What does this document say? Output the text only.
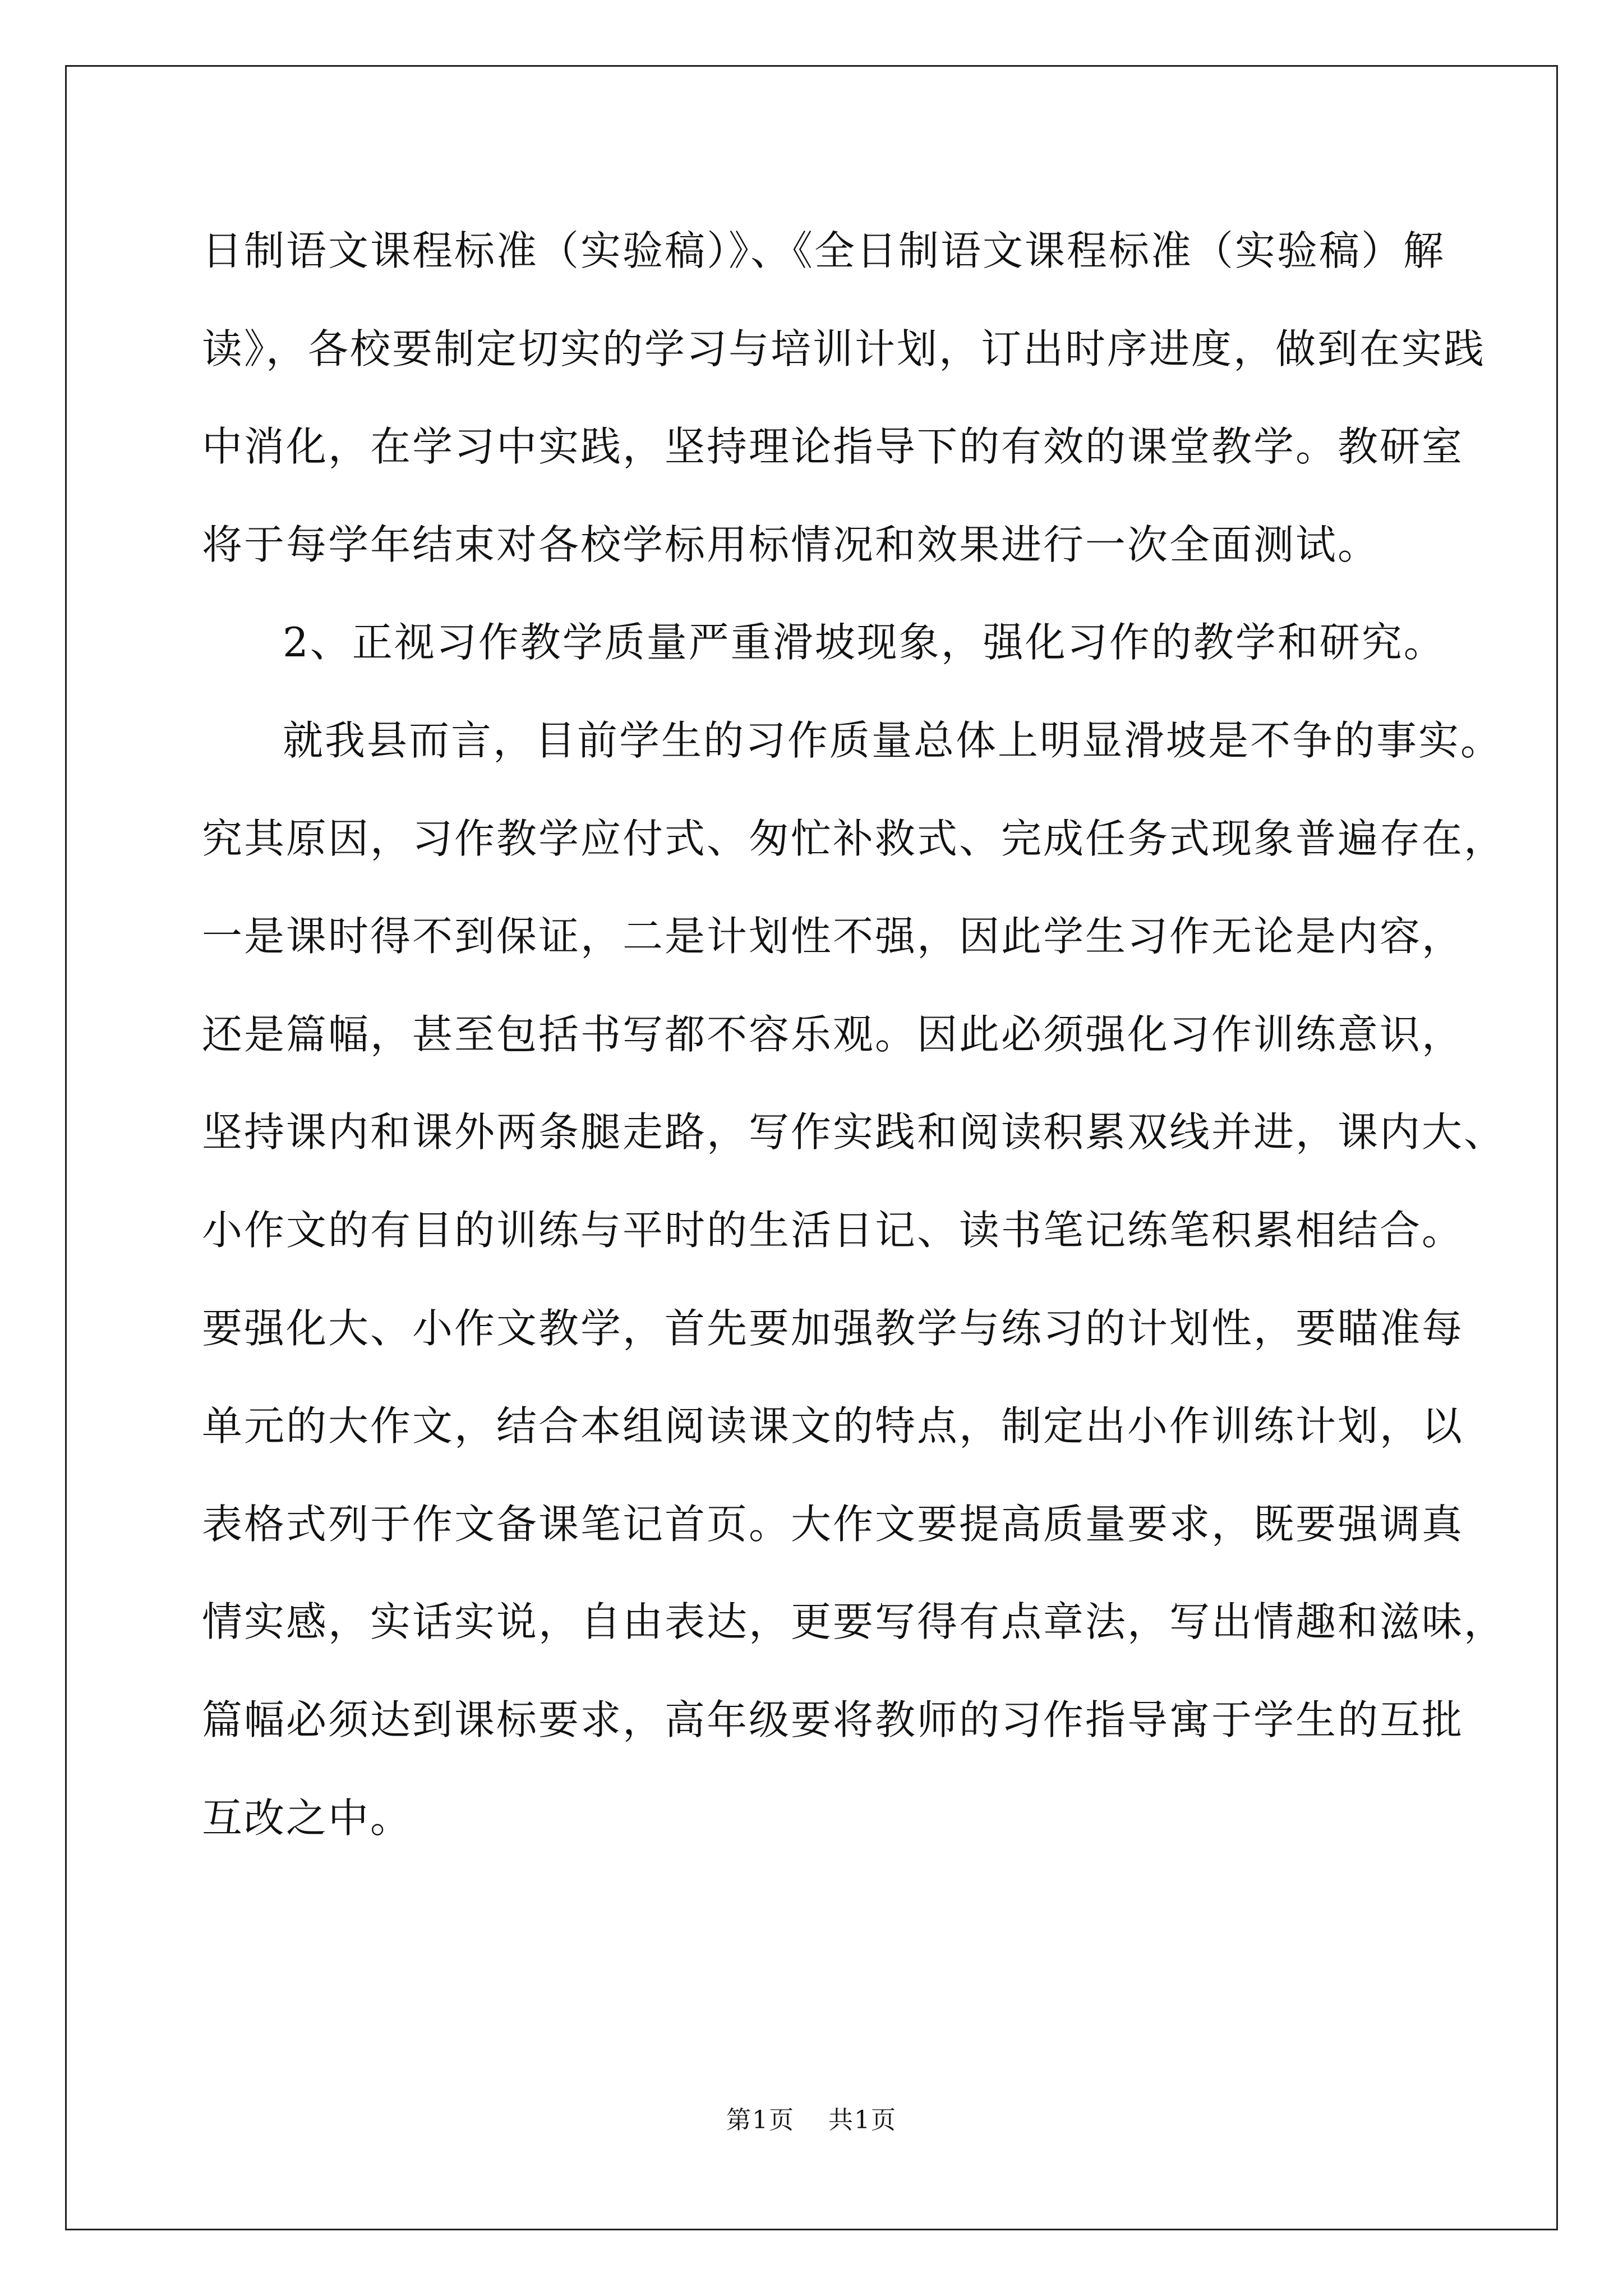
日制语文课程标准（实验稿）》、《全日制语文课程标准（实验稿）解
读》，各校要制定切实的学习与培训计划，订出时序进度，做到在实践
中消化，在学习中实践，坚持理论指导下的有效的课堂教学。教研室
将于每学年结束对各校学标用标情况和效果进行一次全面测试。
2、正视习作教学质量严重滑坡现象，强化习作的教学和研究。
就我县而言，目前学生的习作质量总体上明显滑坡是不争的事实。
究其原因，习作教学应付式、匆忙补救式、完成任务式现象普遍存在，
一是课时得不到保证，二是计划性不强，因此学生习作无论是内容，
还是篇幅，甚至包括书写都不容乐观。因此必须强化习作训练意识，
坚持课内和课外两条腿走路，写作实践和阅读积累双线并进，课内大、
小作文的有目的训练与平时的生活日记、读书笔记练笔积累相结合。
要强化大、小作文教学，首先要加强教学与练习的计划性，要瞄准每
单元的大作文，结合本组阅读课文的特点，制定出小作训练计划，以
表格式列于作文备课笔记首页。大作文要提高质量要求，既要强调真
情实感，实话实说，自由表达，更要写得有点章法，写出情趣和滋味，
篇幅必须达到课标要求，高年级要将教师的习作指导寓于学生的互批
互改之中。
第1页 共1页
